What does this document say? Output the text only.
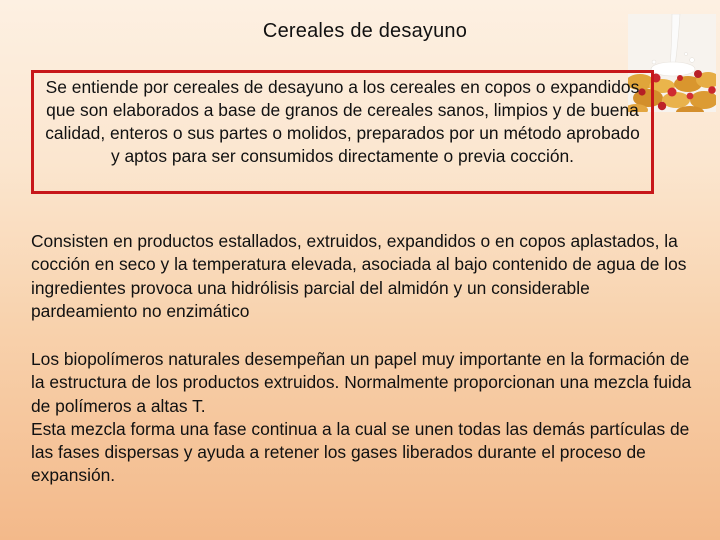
Cereales de desayuno
Se entiende por cereales de desayuno a los cereales en copos o expandidos que son elaborados a base de granos de cereales sanos, limpios y de buena calidad, enteros o sus partes o molidos, preparados por un método aprobado y aptos para ser consumidos directamente o previa cocción.
Consisten en productos estallados, extruidos, expandidos o en copos aplastados, la cocción en seco y la temperatura elevada, asociada al bajo contenido de agua de los ingredientes provoca una hidrólisis parcial del almidón y un considerable pardeamiento no enzimático
Los biopolímeros naturales desempeñan un papel muy importante en la formación de la estructura de los productos extruidos. Normalmente proporcionan una mezcla fuida de polímeros a altas T.
Esta mezcla forma una fase continua a la cual se unen todas las demás partículas de las fases dispersas y ayuda a retener los gases liberados durante el proceso de expansión.
